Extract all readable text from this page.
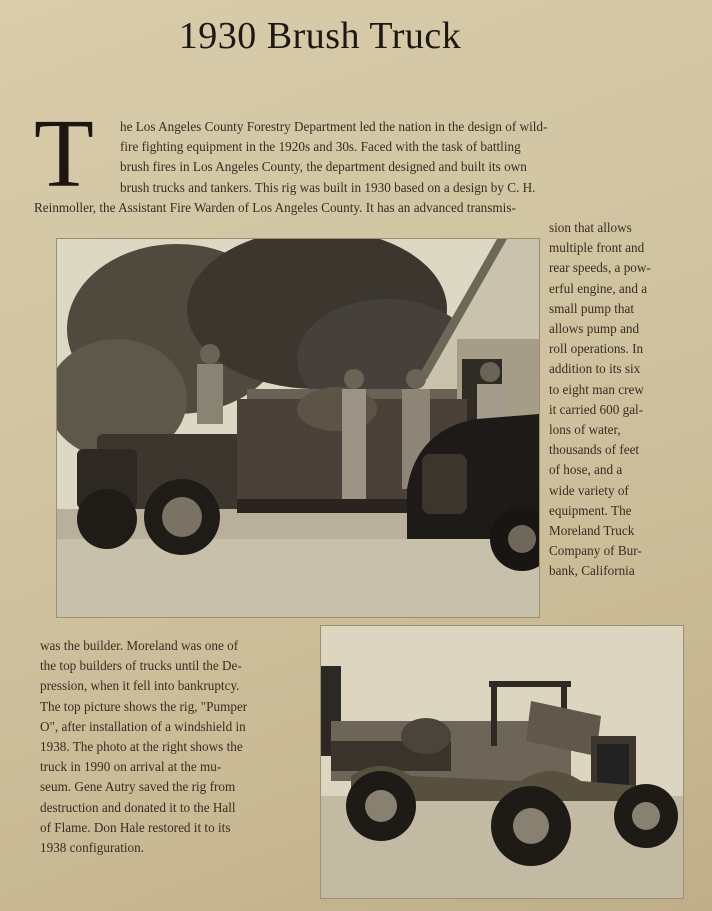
1930 Brush Truck
T he Los Angeles County Forestry Department led the nation in the design of wild-
fire fighting equipment in the 1920s and 30s. Faced with the task of battling
brush fires in Los Angeles County, the department designed and built its own
brush trucks and tankers. This rig was built in 1930 based on a design by C. H.
Reinmoller, the Assistant Fire Warden of Los Angeles County. It has an advanced transmis-
sion that allows
multiple front and
rear speeds, a pow-
erful engine, and a
small pump that
allows pump and
roll operations. In
addition to its six
to eight man crew
it carried 600 gal-
lons of water,
thousands of feet
of hose, and a
wide variety of
equipment. The
Moreland Truck
Company of Bur-
bank, California
was the builder. Moreland was one of
the top builders of trucks until the De-
pression, when it fell into bankruptcy.
The top picture shows the rig, "Pumper
O", after installation of a windshield in
1938. The photo at the right shows the
truck in 1990 on arrival at the mu-
seum. Gene Autry saved the rig from
destruction and donated it to the Hall
of Flame. Don Hale restored it to its
1938 configuration.
